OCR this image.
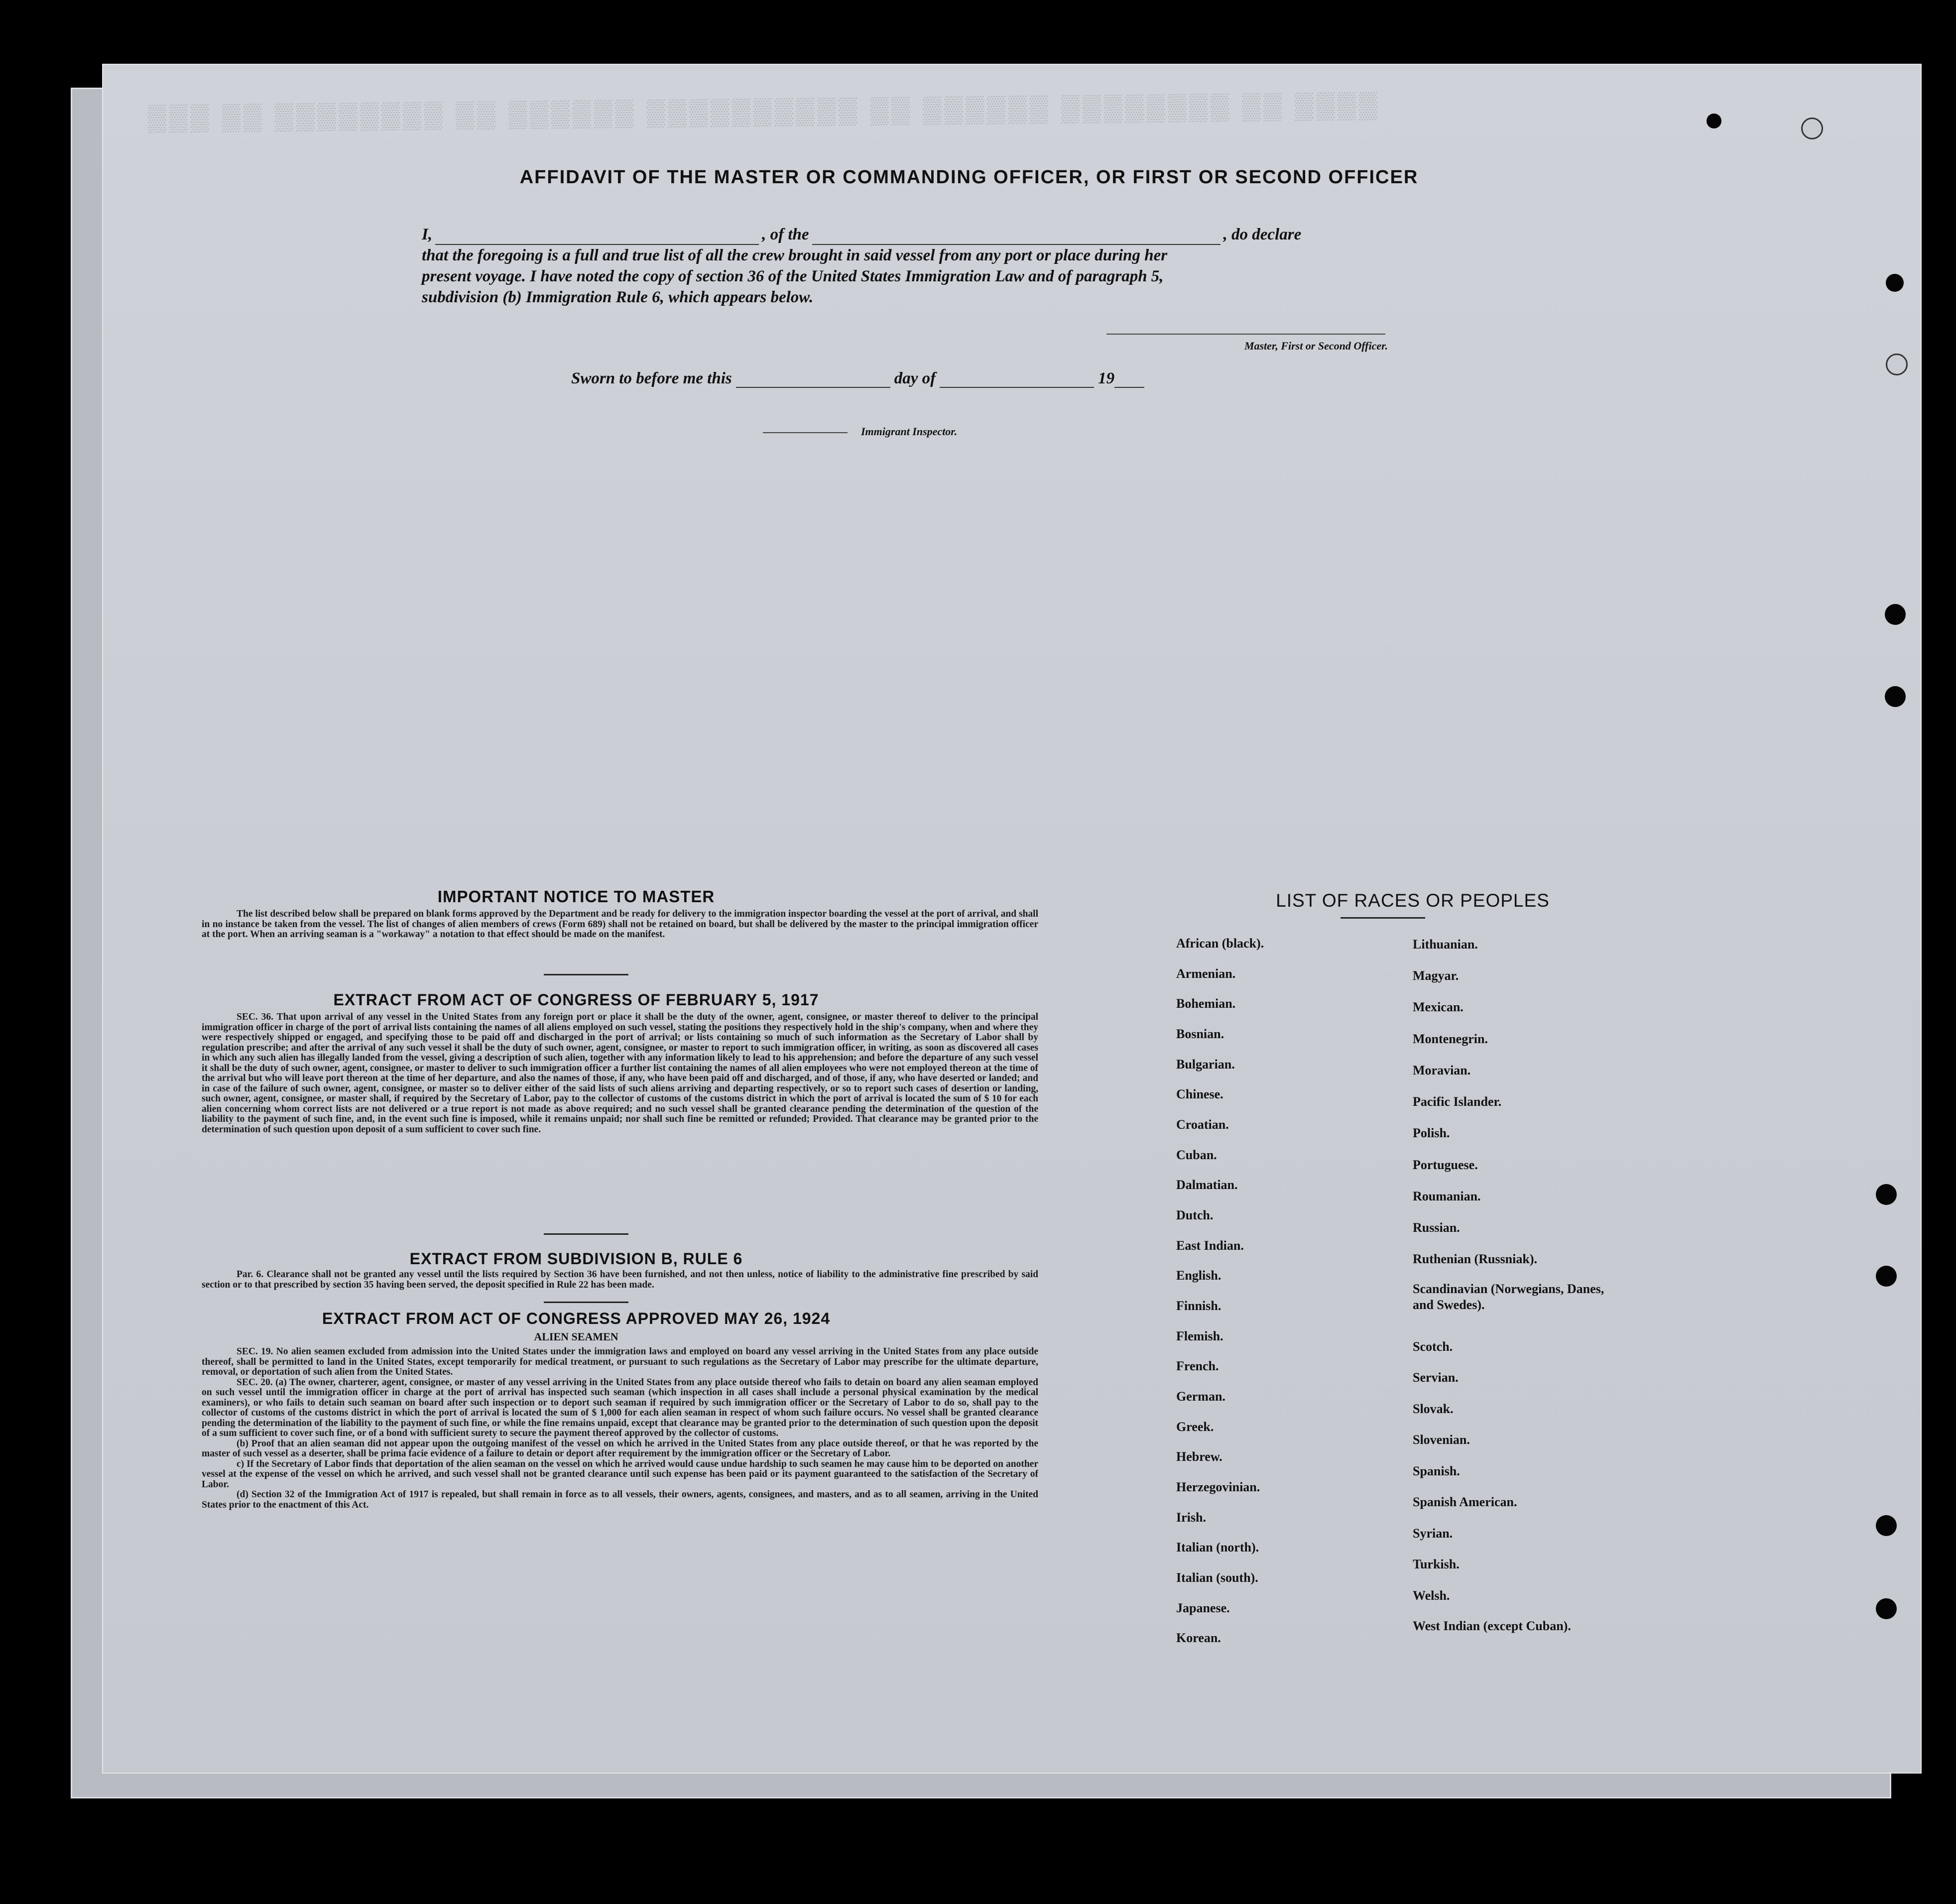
▒▒▒ ▒▒ ▒▒▒▒▒▒▒▒ ▒▒ ▒▒▒▒▒▒ ▒▒▒▒▒▒▒▒▒▒ ▒▒ ▒▒▒▒▒▒ ▒▒▒▒▒▒▒▒ ▒▒ ▒▒▒▒
AFFIDAVIT OF THE MASTER OR COMMANDING OFFICER, OR FIRST OR SECOND OFFICER
I,	, of the	, do declare
that the foregoing is a full and true list of all the crew brought in said vessel from any port or place during her
present voyage. I have noted the copy of section 36 of the United States Immigration Law and of paragraph 5,
subdivision (b) Immigration Rule 6, which appears below.
Master, First or Second Officer.
Sworn to before me this	day of	19
Immigrant Inspector.
IMPORTANT NOTICE TO MASTER

The list described below shall be prepared on blank forms approved by the Department and be ready for delivery to the immigration inspector boarding the vessel at the port of arrival, and shall in no instance be taken from the vessel. The list of changes of alien members of crews (Form 689) shall not be retained on board, but shall be delivered by the master to the principal immigration officer at the port. When an arriving seaman is a "workaway" a notation to that effect should be made on the manifest.

EXTRACT FROM ACT OF CONGRESS OF FEBRUARY 5, 1917

SEC. 36. That upon arrival of any vessel in the United States from any foreign port or place it shall be the duty of the owner, agent, consignee, or master thereof to deliver to the principal immigration officer in charge of the port of arrival lists containing the names of all aliens employed on such vessel, stating the positions they respectively hold in the ship's company, when and where they were respectively shipped or engaged, and specifying those to be paid off and discharged in the port of arrival; or lists containing so much of such information as the Secretary of Labor shall by regulation prescribe; and after the arrival of any such vessel it shall be the duty of such owner, agent, consignee, or master to report to such immigration officer, in writing, as soon as discovered all cases in which any such alien has illegally landed from the vessel, giving a description of such alien, together with any information likely to lead to his apprehension; and before the departure of any such vessel it shall be the duty of such owner, agent, consignee, or master to deliver to such immigration officer a further list containing the names of all alien employees who were not employed thereon at the time of the arrival but who will leave port thereon at the time of her departure, and also the names of those, if any, who have been paid off and discharged, and of those, if any, who have deserted or landed; and in case of the failure of such owner, agent, consignee, or master so to deliver either of the said lists of such aliens arriving and departing respectively, or so to report such cases of desertion or landing, such owner, agent, consignee, or master shall, if required by the Secretary of Labor, pay to the collector of customs of the customs district in which the port of arrival is located the sum of $ 10 for each alien concerning whom correct lists are not delivered or a true report is not made as above required; and no such vessel shall be granted clearance pending the determination of the question of the liability to the payment of such fine, and, in the event such fine is imposed, while it remains unpaid; nor shall such fine be remitted or refunded; Provided. That clearance may be granted prior to the determination of such question upon deposit of a sum sufficient to cover such fine.

EXTRACT FROM SUBDIVISION B, RULE 6

Par. 6. Clearance shall not be granted any vessel until the lists required by Section 36 have been furnished, and not then unless, notice of liability to the administrative fine prescribed by said section or to that prescribed by section 35 having been served, the deposit specified in Rule 22 has been made.

EXTRACT FROM ACT OF CONGRESS APPROVED MAY 26, 1924
ALIEN SEAMEN

SEC. 19. No alien seamen excluded from admission into the United States under the immigration laws and employed on board any vessel arriving in the United States from any place outside thereof, shall be permitted to land in the United States, except temporarily for medical treatment, or pursuant to such regulations as the Secretary of Labor may prescribe for the ultimate departure, removal, or deportation of such alien from the United States.

SEC. 20. (a) The owner, charterer, agent, consignee, or master of any vessel arriving in the United States from any place outside thereof who fails to detain on board any alien seaman employed on such vessel until the immigration officer in charge at the port of arrival has inspected such seaman (which inspection in all cases shall include a personal physical examination by the medical examiners), or who fails to detain such seaman on board after such inspection or to deport such seaman if required by such immigration officer or the Secretary of Labor to do so, shall pay to the collector of customs of the customs district in which the port of arrival is located the sum of $ 1,000 for each alien seaman in respect of whom such failure occurs. No vessel shall be granted clearance pending the determination of the liability to the payment of such fine, or while the fine remains unpaid, except that clearance may be granted prior to the determination of such question upon the deposit of a sum sufficient to cover such fine, or of a bond with sufficient surety to secure the payment thereof approved by the collector of customs.

(b) Proof that an alien seaman did not appear upon the outgoing manifest of the vessel on which he arrived in the United States from any place outside thereof, or that he was reported by the master of such vessel as a deserter, shall be prima facie evidence of a failure to detain or deport after requirement by the immigration officer or the Secretary of Labor.

c) If the Secretary of Labor finds that deportation of the alien seaman on the vessel on which he arrived would cause undue hardship to such seamen he may cause him to be deported on another vessel at the expense of the vessel on which he arrived, and such vessel shall not be granted clearance until such expense has been paid or its payment guaranteed to the satisfaction of the Secretary of Labor.

(d) Section 32 of the Immigration Act of 1917 is repealed, but shall remain in force as to all vessels, their owners, agents, consignees, and masters, and as to all seamen, arriving in the United States prior to the enactment of this Act.

LIST OF RACES OR PEOPLES
African (black).
Armenian.
Bohemian.
Bosnian.
Bulgarian.
Chinese.
Croatian.
Cuban.
Dalmatian.
Dutch.
East Indian.
English.
Finnish.
Flemish.
French.
German.
Greek.
Hebrew.
Herzegovinian.
Irish.
Italian (north).
Italian (south).
Japanese.
Korean.
Lithuanian.
Magyar.
Mexican.
Montenegrin.
Moravian.
Pacific Islander.
Polish.
Portuguese.
Roumanian.
Russian.
Ruthenian (Russniak).
Scandinavian (Norwegians, Danes, and Swedes).
Scotch.
Servian.
Slovak.
Slovenian.
Spanish.
Spanish American.
Syrian.
Turkish.
Welsh.
West Indian (except Cuban).
